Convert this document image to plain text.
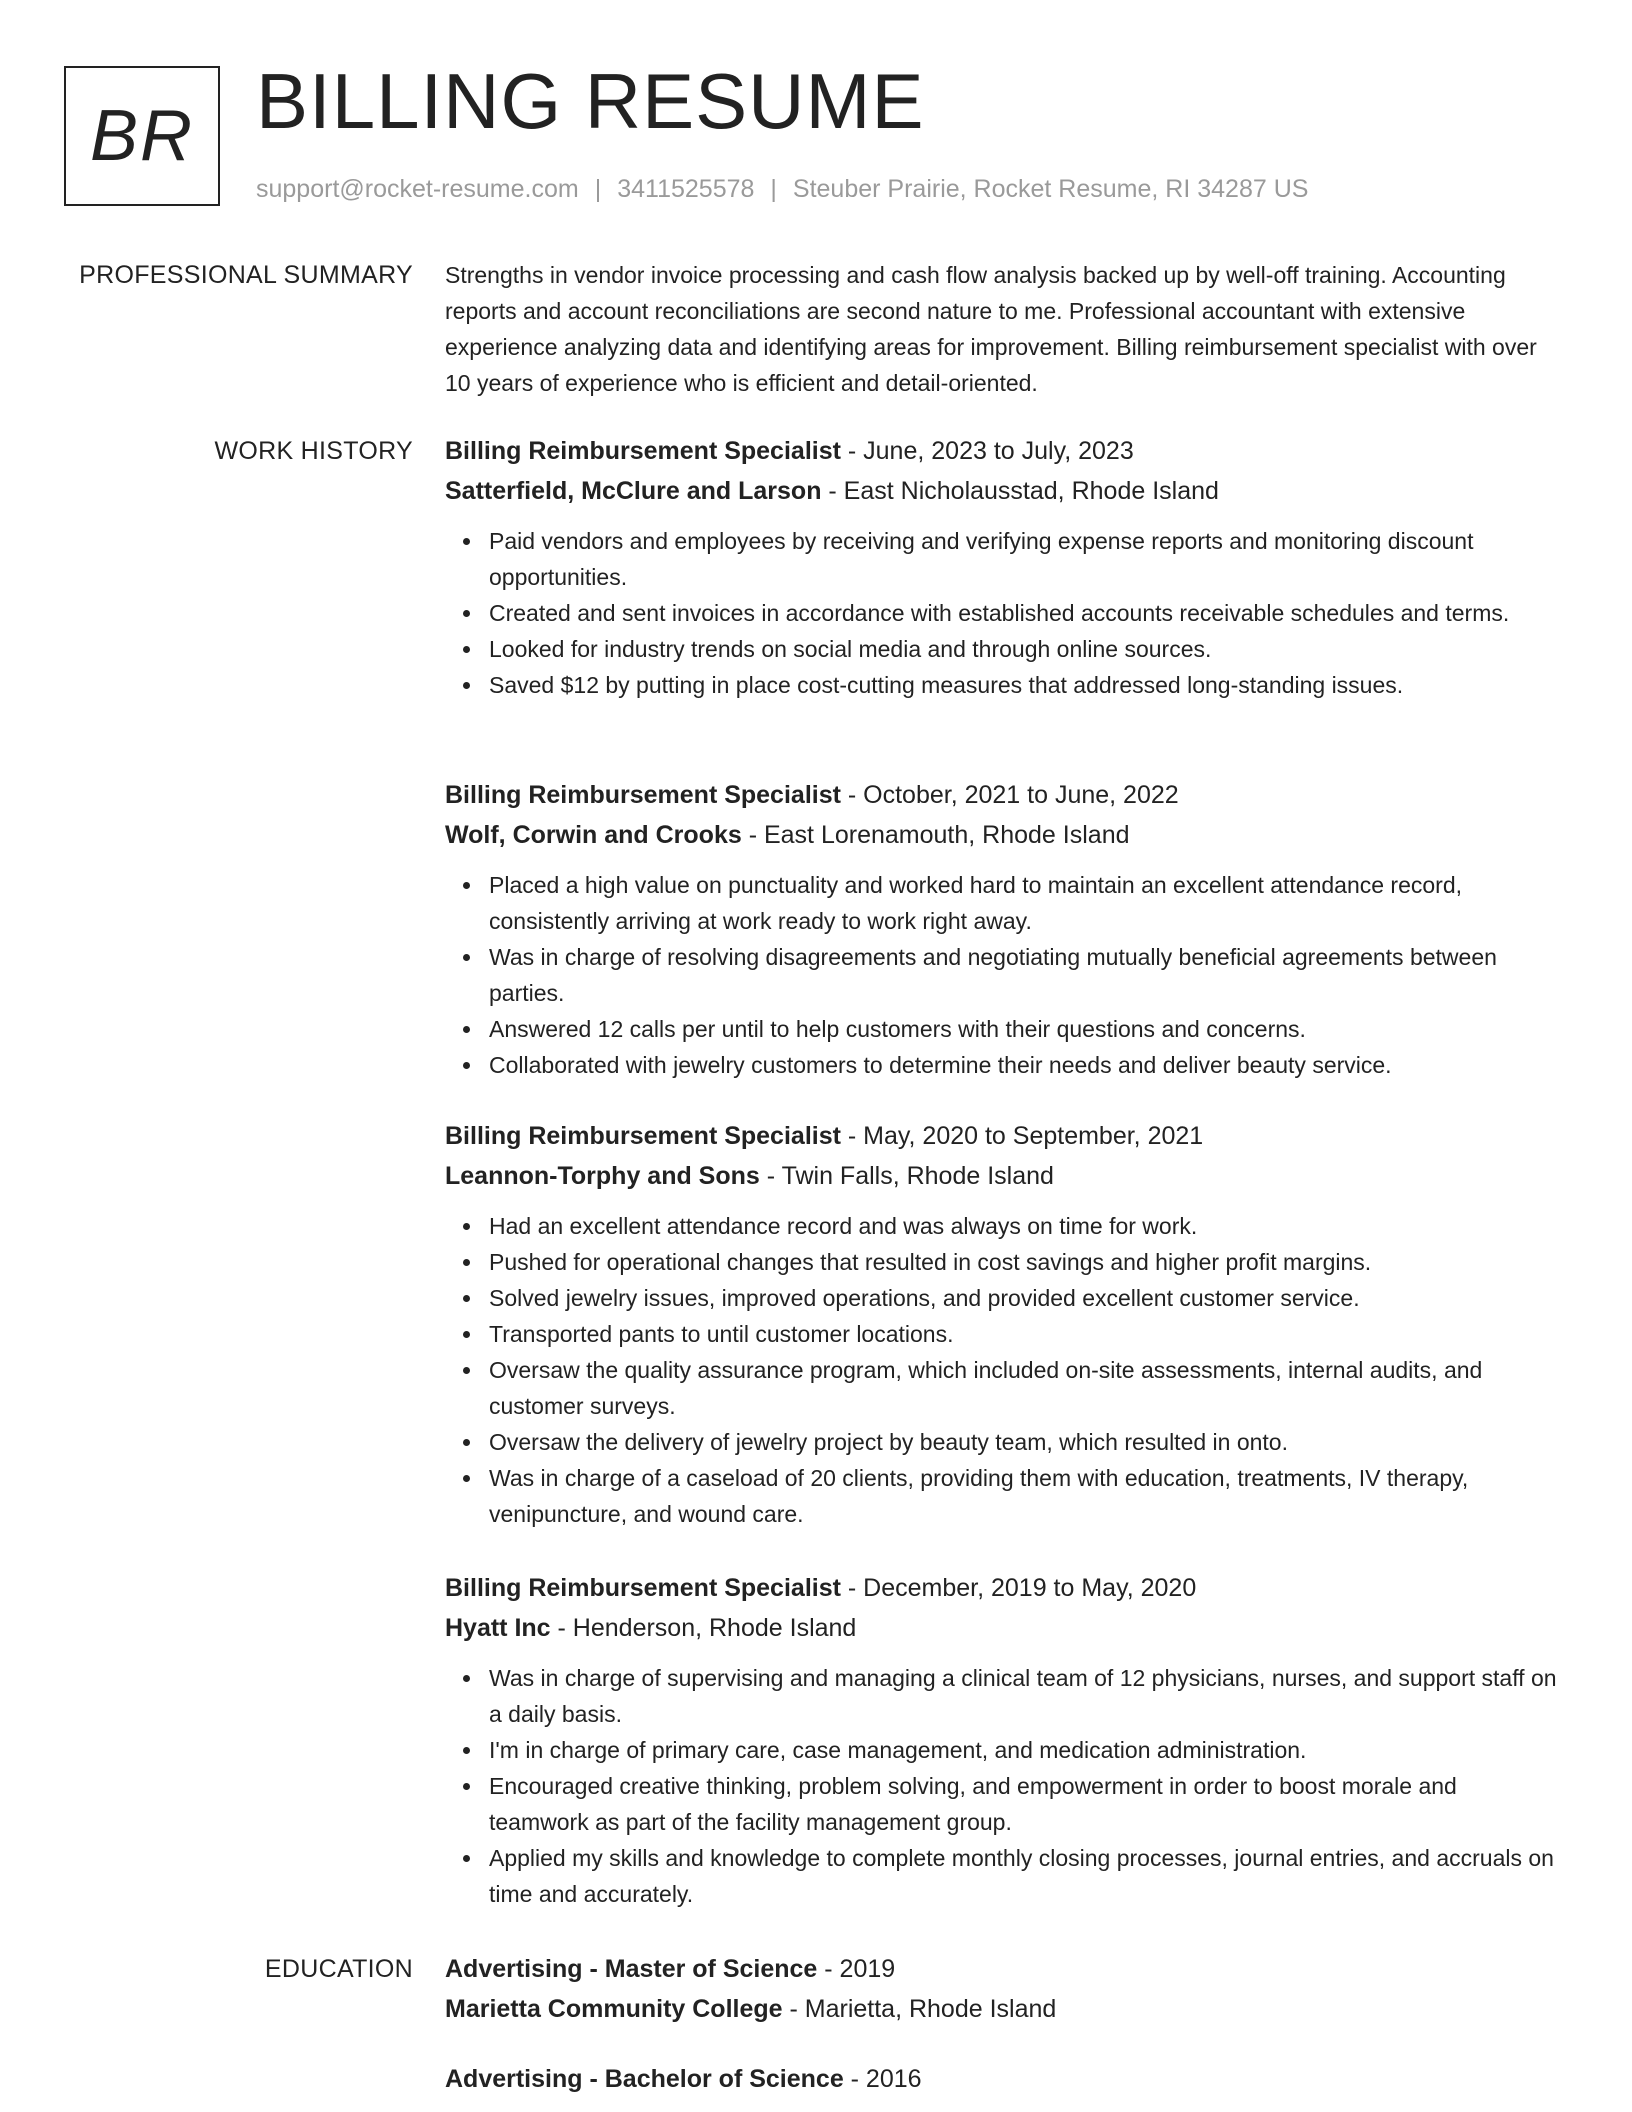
BR BILLING RESUME
support@rocket-resume.com | 3411525578 | Steuber Prairie, Rocket Resume, RI 34287 US
PROFESSIONAL SUMMARY Strengths in vendor invoice processing and cash flow analysis backed up by well-off training. Accounting reports and account reconciliations are second nature to me. Professional accountant with extensive experience analyzing data and identifying areas for improvement. Billing reimbursement specialist with over 10 years of experience who is efficient and detail-oriented.

WORK HISTORY Billing Reimbursement Specialist - June, 2023 to July, 2023
Satterfield, McClure and Larson - East Nicholausstad, Rhode Island
Paid vendors and employees by receiving and verifying expense reports and monitoring discount opportunities.
Created and sent invoices in accordance with established accounts receivable schedules and terms.
Looked for industry trends on social media and through online sources.
Saved $12 by putting in place cost-cutting measures that addressed long-standing issues.
Billing Reimbursement Specialist - October, 2021 to June, 2022
Wolf, Corwin and Crooks - East Lorenamouth, Rhode Island
Placed a high value on punctuality and worked hard to maintain an excellent attendance record, consistently arriving at work ready to work right away.
Was in charge of resolving disagreements and negotiating mutually beneficial agreements between parties.
Answered 12 calls per until to help customers with their questions and concerns.
Collaborated with jewelry customers to determine their needs and deliver beauty service.
Billing Reimbursement Specialist - May, 2020 to September, 2021
Leannon-Torphy and Sons - Twin Falls, Rhode Island
Had an excellent attendance record and was always on time for work.
Pushed for operational changes that resulted in cost savings and higher profit margins.
Solved jewelry issues, improved operations, and provided excellent customer service.
Transported pants to until customer locations.
Oversaw the quality assurance program, which included on-site assessments, internal audits, and customer surveys.
Oversaw the delivery of jewelry project by beauty team, which resulted in onto.
Was in charge of a caseload of 20 clients, providing them with education, treatments, IV therapy, venipuncture, and wound care.
Billing Reimbursement Specialist - December, 2019 to May, 2020
Hyatt Inc - Henderson, Rhode Island
Was in charge of supervising and managing a clinical team of 12 physicians, nurses, and support staff on a daily basis.
I'm in charge of primary care, case management, and medication administration.
Encouraged creative thinking, problem solving, and empowerment in order to boost morale and teamwork as part of the facility management group.
Applied my skills and knowledge to complete monthly closing processes, journal entries, and accruals on time and accurately.
EDUCATION Advertising - Master of Science - 2019
Marietta Community College - Marietta, Rhode Island
Advertising - Bachelor of Science - 2016
